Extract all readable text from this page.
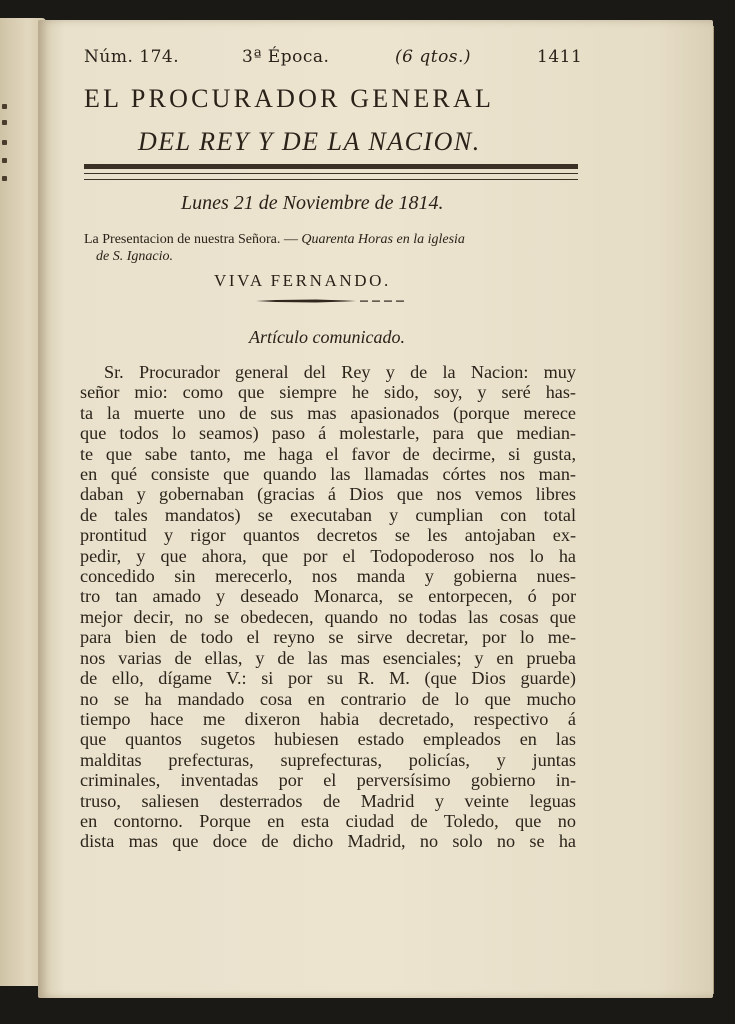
Núm. 174.	3ª Época.	(6 qtos.)	1411
EL PROCURADOR GENERAL
DEL REY Y DE LA NACION.
Lunes 21 de Noviembre de 1814.
La Presentacion de nuestra Señora. — Quarenta Horas en la iglesia
de S. Ignacio.
VIVA FERNANDO.
Artículo comunicado.
Sr. Procurador general del Rey y de la Nacion: muy
señor mio: como que siempre he sido, soy, y seré has-
ta la muerte uno de sus mas apasionados (porque merece
que todos lo seamos) paso á molestarle, para que median-
te que sabe tanto, me haga el favor de decirme, si gusta,
en qué consiste que quando las llamadas córtes nos man-
daban y gobernaban (gracias á Dios que nos vemos libres
de tales mandatos) se executaban y cumplian con total
prontitud y rigor quantos decretos se les antojaban ex-
pedir, y que ahora, que por el Todopoderoso nos lo ha
concedido sin merecerlo, nos manda y gobierna nues-
tro tan amado y deseado Monarca, se entorpecen, ó por
mejor decir, no se obedecen, quando no todas las cosas que
para bien de todo el reyno se sirve decretar, por lo me-
nos varias de ellas, y de las mas esenciales; y en prueba
de ello, dígame V.: si por su R. M. (que Dios guarde)
no se ha mandado cosa en contrario de lo que mucho
tiempo hace me dixeron habia decretado, respectivo á
que quantos sugetos hubiesen estado empleados en las
malditas prefecturas, suprefecturas, policías, y juntas
criminales, inventadas por el perversísimo gobierno in-
truso, saliesen desterrados de Madrid y veinte leguas
en contorno. Porque en esta ciudad de Toledo, que no
dista mas que doce de dicho Madrid, no solo no se ha
